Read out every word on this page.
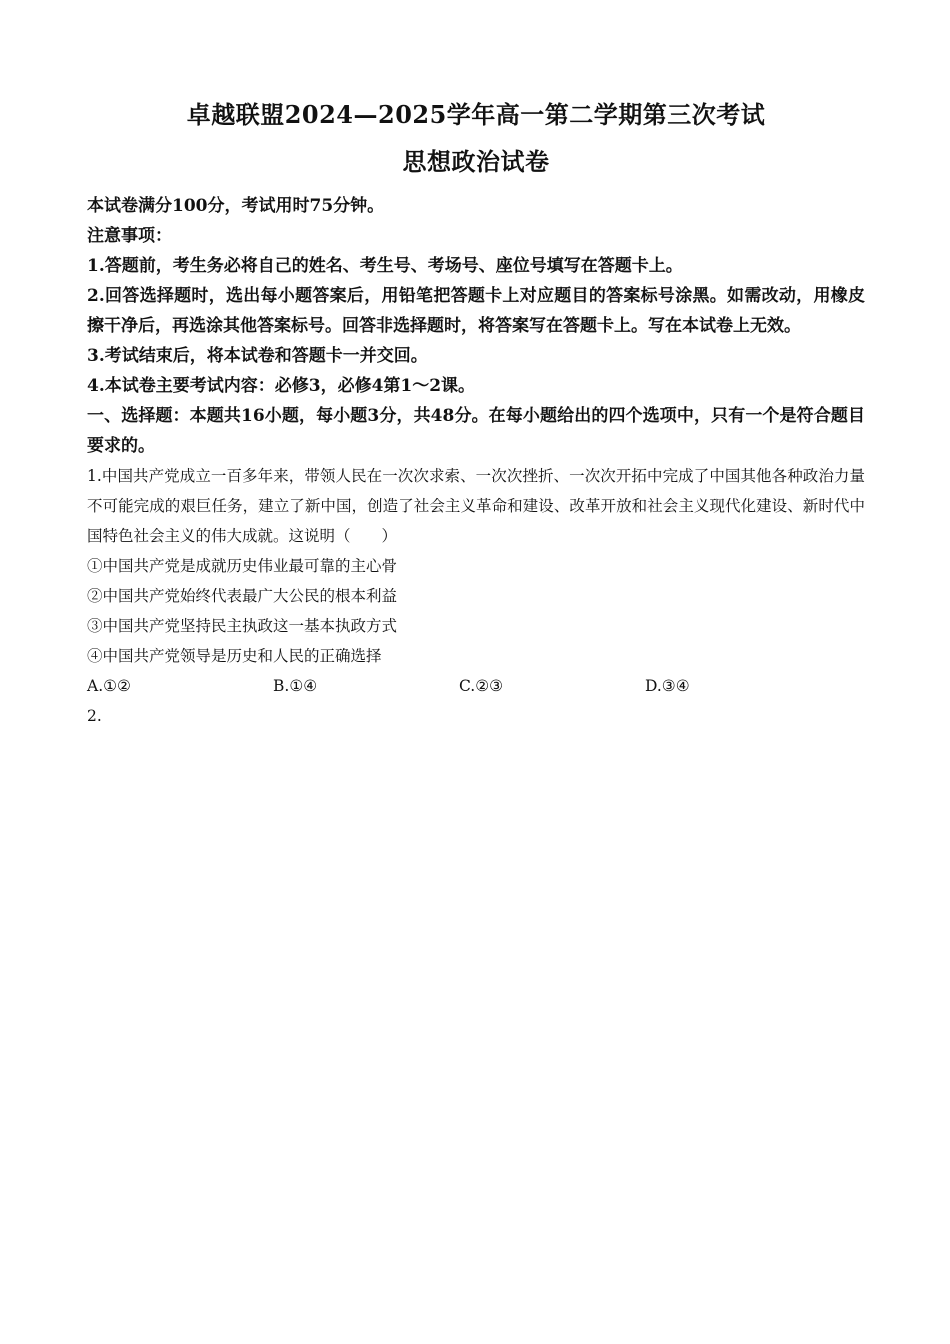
卓越联盟2024—2025学年高一第二学期第三次考试
思想政治试卷

本试卷满分100分，考试用时75分钟。

注意事项：

1.答题前，考生务必将自己的姓名、考生号、考场号、座位号填写在答题卡上。

2.回答选择题时，选出每小题答案后，用铅笔把答题卡上对应题目的答案标号涂黑。如需改动，用橡皮擦干净后，再选涂其他答案标号。回答非选择题时，将答案写在答题卡上。写在本试卷上无效。

3.考试结束后，将本试卷和答题卡一并交回。

4.本试卷主要考试内容：必修3，必修4第1～2课。

一、选择题：本题共16小题，每小题3分，共48分。在每小题给出的四个选项中，只有一个是符合题目要求的。

1.中国共产党成立一百多年来，带领人民在一次次求索、一次次挫折、一次次开拓中完成了中国其他各种政治力量不可能完成的艰巨任务，建立了新中国，创造了社会主义革命和建设、改革开放和社会主义现代化建设、新时代中国特色社会主义的伟大成就。这说明（　　）

①中国共产党是成就历史伟业最可靠的主心骨

②中国共产党始终代表最广大公民的根本利益

③中国共产党坚持民主执政这一基本执政方式

④中国共产党领导是历史和人民的正确选择

A.①②	B.①④	C.②③	D.③④

2.
